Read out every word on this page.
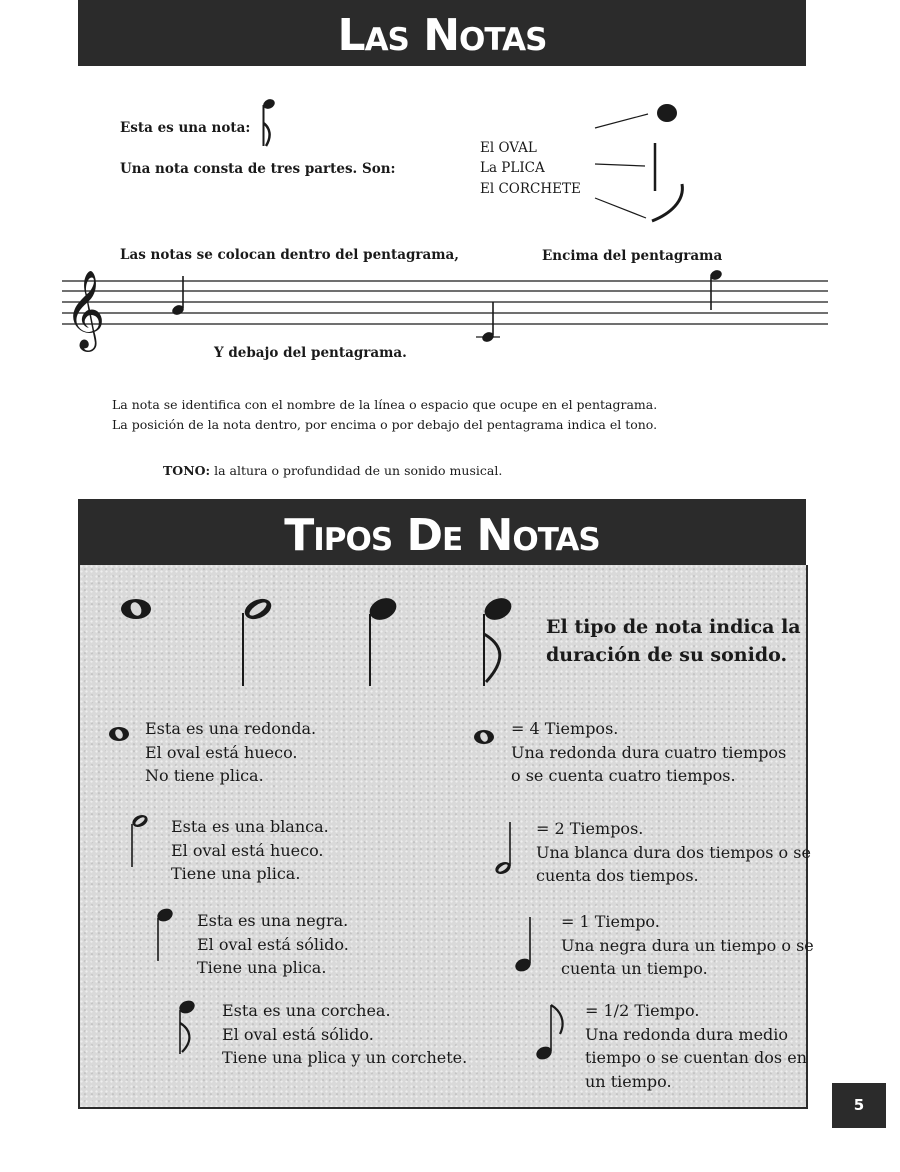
Las Notas
Esta es una nota:
Una nota consta de tres partes. Son:
El OVAL
La PLICA
El CORCHETE
Las notas se colocan dentro del pentagrama,	Encima del pentagrama
𝄞
Y debajo del pentagrama.
La nota se identifica con el nombre de la línea o espacio que ocupe en el pentagrama.
La posición de la nota dentro, por encima o por debajo del pentagrama indica el tono.
TONO: la altura o profundidad de un sonido musical.
Tipos De Notas
El tipo de nota indica la
duración de su sonido.
Esta es una redonda.
El oval está hueco.
No tiene plica.
= 4 Tiempos.
Una redonda dura cuatro tiempos
o se cuenta cuatro tiempos.
Esta es una blanca.
El oval está hueco.
Tiene una plica.
= 2 Tiempos.
Una blanca dura dos tiempos o se
cuenta dos tiempos.
Esta es una negra.
El oval está sólido.
Tiene una plica.
= 1 Tiempo.
Una negra dura un tiempo o se
cuenta un tiempo.
Esta es una corchea.
El oval está sólido.
Tiene una plica y un corchete.
= 1/2 Tiempo.
Una redonda dura medio
tiempo o se cuentan dos en
un tiempo.
5
